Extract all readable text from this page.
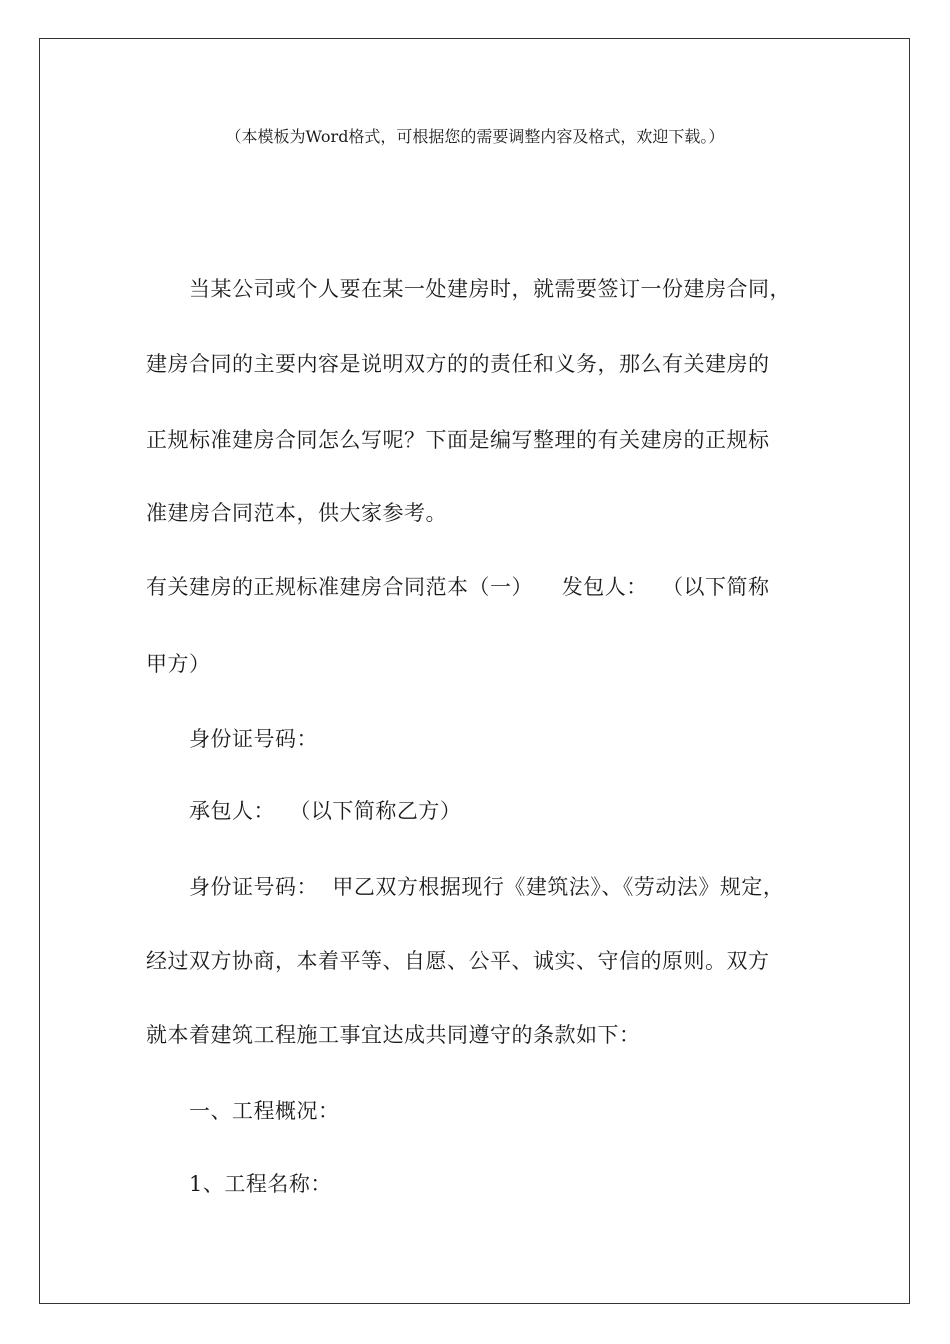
（本模板为Word格式，可根据您的需要调整内容及格式，欢迎下载。）
当某公司或个人要在某一处建房时，就需要签订一份建房合同，
建房合同的主要内容是说明双方的的责任和义务，那么有关建房的
正规标准建房合同怎么写呢？下面是编写整理的有关建房的正规标
准建房合同范本，供大家参考。
有关建房的正规标准建房合同范本（一）    发包人：  （以下简称
甲方）
身份证号码：
承包人：  （以下简称乙方）
身份证号码：  甲乙双方根据现行《建筑法》、《劳动法》规定，
经过双方协商，本着平等、自愿、公平、诚实、守信的原则。双方
就本着建筑工程施工事宜达成共同遵守的条款如下：
一、工程概况：
1、工程名称：
